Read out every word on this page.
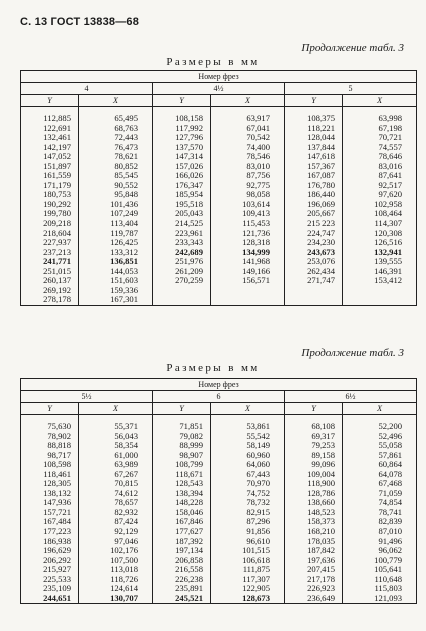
С. 13 ГОСТ 13838—68
Продолжение табл. 3
Размеры в мм
Номер фрез					
4		4½		5	
Y	X	Y	X	Y	X

112,885	65,495	108,158	63,917	108,375	63,998
122,691	68,763	117,992	67,041	118,221	67,198
132,461	72,443	127,796	70,542	128,044	70,721
142,197	76,473	137,570	74,400	137,844	74,557
147,052	78,621	147,314	78,546	147,618	78,646
151,897	80,852	157,026	83,010	157,367	83,016
161,559	85,545	166,026	87,756	167,087	87,641
171,179	90,552	176,347	92,775	176,780	92,517
180,753	95,848	185,954	98,058	186,440	97,620
190,292	101,436	195,518	103,614	196,069	102,958
199,780	107,249	205,043	109,413	205,667	108,464
209,218	113,404	214,525	115,453	215 223	114,307
218,604	119,787	223,961	121,736	224,747	120,308
227,937	126,425	233,343	128,318	234,230	126,516
237,213	133,312	242,689	134,999	243,673	132,941
241,771	136,851	251,976	141,968	253,076	139,555
251,015	144,053	261,209	149,166	262,434	146,391
260,137	151,603	270,259	156,571	271,747	153,412
269,192	159,336				
278,178	167,301				
Продолжение табл. 3
Размеры в мм
Номер фрез					
5½		6		6½	
Y	X	Y	X	Y	X

75,630	55,371	71,851	53,861	68,108	52,200
78,902	56,043	79,082	55,542	69,317	52,496
88,818	58,354	88,999	58,149	79,253	55,058
98,717	61,000	98,907	60,960	89,158	57,861
108,598	63,989	108,799	64,060	99,096	60,864
118,461	67,267	118,671	67,443	109,004	64,078
128,305	70,815	128,543	70,970	118,900	67,468
138,132	74,612	138,394	74,752	128,786	71,059
147,936	78,657	148,228	78,732	138,660	74,854
157,721	82,932	158,046	82,915	148,523	78,741
167,484	87,424	167,846	87,296	158,373	82,839
177,223	92,129	177,627	91,856	168,210	87,010
186,938	97,046	187,392	96,610	178,035	91,496
196,629	102,176	197,134	101,515	187,842	96,062
206,292	107,500	206,858	106,618	197,636	100,779
215,927	113,018	216,558	111,875	207,415	105,641
225,533	118,726	226,238	117,307	217,178	110,648
235,109	124,614	235,891	122,905	226,923	115,803
244,651	130,707	245,521	128,673	236,649	121,093
